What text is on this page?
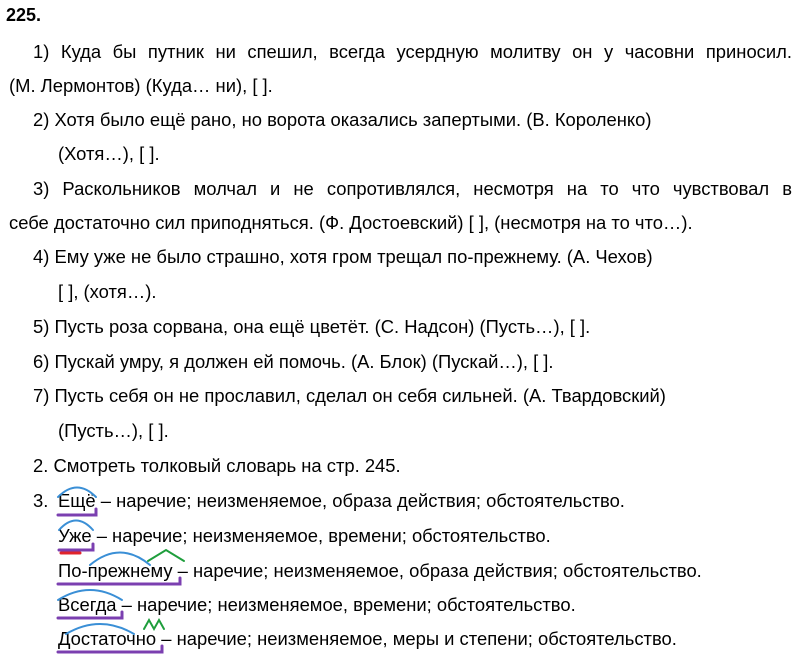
225.
1) Куда бы путник ни спешил, всегда усердную молитву он у часовни приносил.
(М. Лермонтов) (Куда… ни), [ ].
2) Хотя было ещё рано, но ворота оказались запертыми. (В. Короленко)
(Хотя…), [ ].
3) Раскольников молчал и не сопротивлялся, несмотря на то что чувствовал в
себе достаточно сил приподняться. (Ф. Достоевский) [ ], (несмотря на то что…).
4) Ему уже не было страшно, хотя гром трещал по-прежнему. (А. Чехов)
[ ], (хотя…).
5) Пусть роза сорвана, она ещё цветёт. (С. Надсон) (Пусть…), [ ].
6) Пускай умру, я должен ей помочь. (А. Блок) (Пускай…), [ ].
7) Пусть себя он не прославил, сделал он себя сильней. (А. Твардовский)
(Пусть…), [ ].
2. Смотреть толковый словарь на стр. 245.
3. Ещё – наречие; неизменяемое, образа действия; обстоятельство.
Уже – наречие; неизменяемое, времени; обстоятельство.
По-прежнему – наречие; неизменяемое, образа действия; обстоятельство.
Всегда – наречие; неизменяемое, времени; обстоятельство.
Достаточно – наречие; неизменяемое, меры и степени; обстоятельство.
